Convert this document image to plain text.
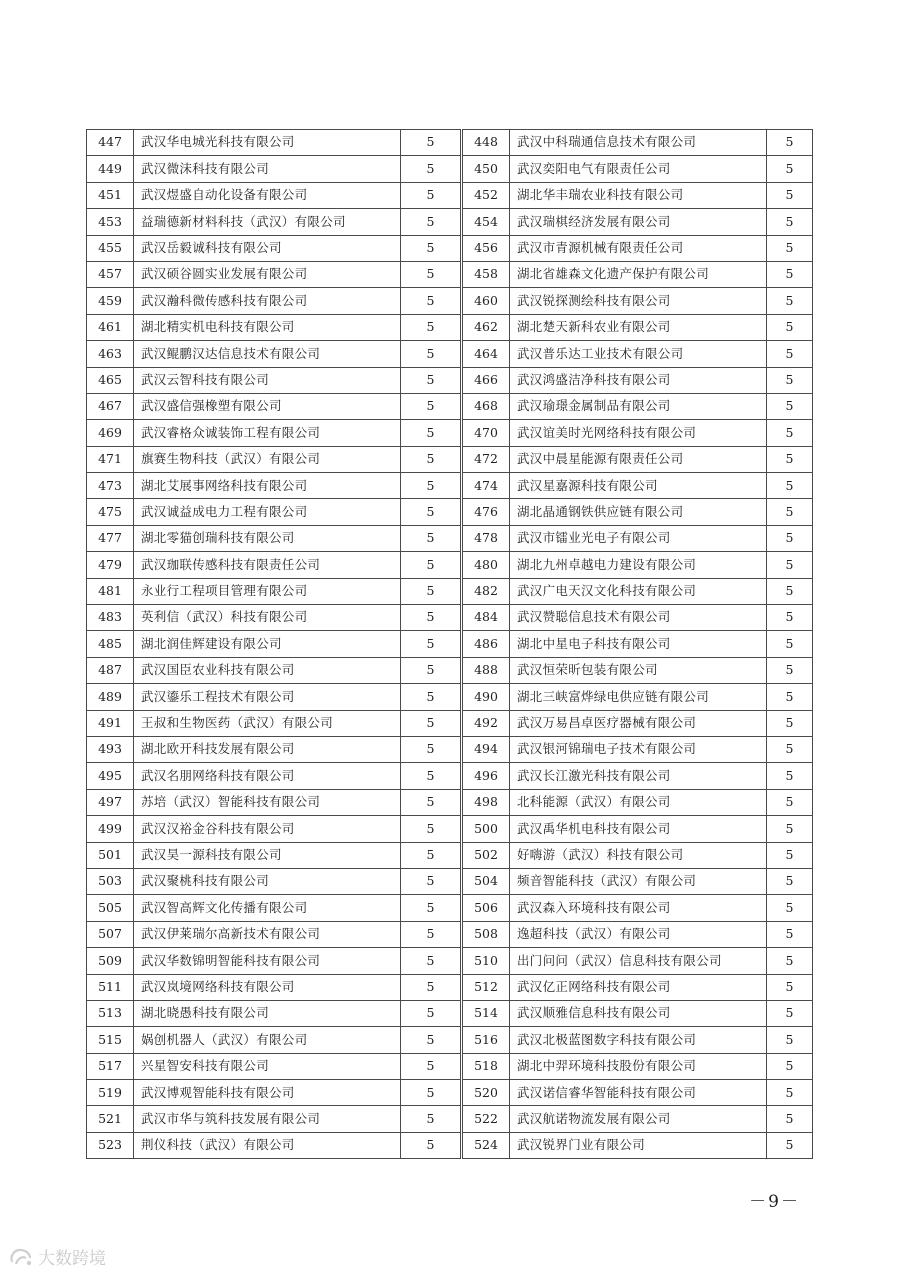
447	武汉华电城光科技有限公司	5	448	武汉中科瑞通信息技术有限公司	5
449	武汉微沫科技有限公司	5	450	武汉奕阳电气有限责任公司	5
451	武汉煜盛自动化设备有限公司	5	452	湖北华丰瑞农业科技有限公司	5
453	益瑞德新材料科技（武汉）有限公司	5	454	武汉瑞棋经济发展有限公司	5
455	武汉岳毅诚科技有限公司	5	456	武汉市青源机械有限责任公司	5
457	武汉硕谷圆实业发展有限公司	5	458	湖北省雄森文化遗产保护有限公司	5
459	武汉瀚科微传感科技有限公司	5	460	武汉锐探测绘科技有限公司	5
461	湖北精实机电科技有限公司	5	462	湖北楚天新科农业有限公司	5
463	武汉鲲鹏汉达信息技术有限公司	5	464	武汉普乐达工业技术有限公司	5
465	武汉云智科技有限公司	5	466	武汉鸿盛洁净科技有限公司	5
467	武汉盛信强橡塑有限公司	5	468	武汉瑜璟金属制品有限公司	5
469	武汉睿格众诚装饰工程有限公司	5	470	武汉谊美时光网络科技有限公司	5
471	旗赛生物科技（武汉）有限公司	5	472	武汉中晨星能源有限责任公司	5
473	湖北艾展事网络科技有限公司	5	474	武汉星嘉源科技有限公司	5
475	武汉诚益成电力工程有限公司	5	476	湖北晶通钢铁供应链有限公司	5
477	湖北零猫创瑞科技有限公司	5	478	武汉市镭业光电子有限公司	5
479	武汉珈联传感科技有限责任公司	5	480	湖北九州卓越电力建设有限公司	5
481	永业行工程项目管理有限公司	5	482	武汉广电天汉文化科技有限公司	5
483	英利信（武汉）科技有限公司	5	484	武汉赞聪信息技术有限公司	5
485	湖北润佳辉建设有限公司	5	486	湖北中星电子科技有限公司	5
487	武汉国臣农业科技有限公司	5	488	武汉恒荣昕包装有限公司	5
489	武汉鎏乐工程技术有限公司	5	490	湖北三峡富烨绿电供应链有限公司	5
491	王叔和生物医药（武汉）有限公司	5	492	武汉万易昌卓医疗器械有限公司	5
493	湖北欧开科技发展有限公司	5	494	武汉银河锦瑞电子技术有限公司	5
495	武汉名朋网络科技有限公司	5	496	武汉长江激光科技有限公司	5
497	苏培（武汉）智能科技有限公司	5	498	北科能源（武汉）有限公司	5
499	武汉汉裕金谷科技有限公司	5	500	武汉禹华机电科技有限公司	5
501	武汉昊一源科技有限公司	5	502	好嗨游（武汉）科技有限公司	5
503	武汉聚桃科技有限公司	5	504	频音智能科技（武汉）有限公司	5
505	武汉智高辉文化传播有限公司	5	506	武汉森入环境科技有限公司	5
507	武汉伊莱瑞尔高新技术有限公司	5	508	逸超科技（武汉）有限公司	5
509	武汉华数锦明智能科技有限公司	5	510	出门问问（武汉）信息科技有限公司	5
511	武汉岚境网络科技有限公司	5	512	武汉亿正网络科技有限公司	5
513	湖北晓愚科技有限公司	5	514	武汉顺雅信息科技有限公司	5
515	娲创机器人（武汉）有限公司	5	516	武汉北极蓝图数字科技有限公司	5
517	兴星智安科技有限公司	5	518	湖北中羿环境科技股份有限公司	5
519	武汉博观智能科技有限公司	5	520	武汉诺信睿华智能科技有限公司	5
521	武汉市华与筑科技发展有限公司	5	522	武汉航诺物流发展有限公司	5
523	荆仪科技（武汉）有限公司	5	524	武汉锐界门业有限公司	5
－9－
大数跨境
